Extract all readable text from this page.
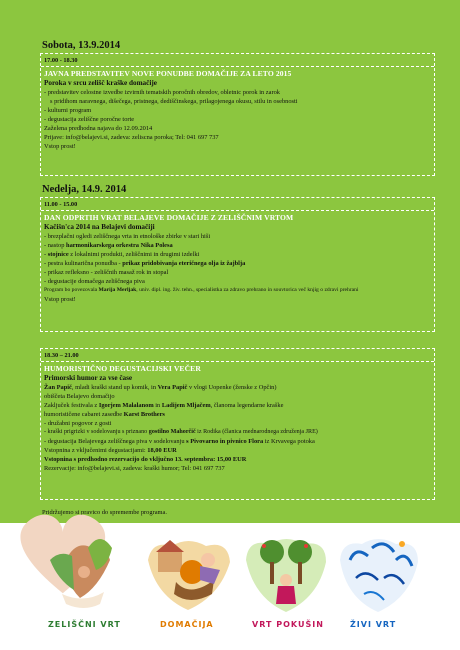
Sobota, 13.9.2014
17.00 - 18.30
JAVNA PREDSTAVITEV NOVE PONUDBE DOMAČIJE ZA LETO 2015
Poroka v srcu zelišč kraške domačije
- predstavitev celostne izvedbe izvirnih tematskih poročnih obredov, obletnic porok in zarok
s pridihom naravnega, dišečega, pristnega, dediščinskega, prilagojenega okusu, stilu in osebnosti
- kulturni program
- degustacija zeliščne poročne torte
Zaželena predhodna najava do 12.09.2014
Prijave: info@belajevi.si, zadeva: zeliscna poroka; Tel: 041 697 737
Vstop prost!
Nedelja, 14.9. 2014
11.00 - 15.00
DAN ODPRTIH VRAT BELAJEVE DOMAČIJE Z ZELIŠČNIM VRTOM
Kačišn'ca 2014 na Belajevi domačiji
- brezplačni ogledi zeliščnega vrta in etnološke zbirke v stari hiši
- nastop harmonikarskega orkestra Nika Polesa
- stojnice z lokalnimi produkti, zeliščnimi in drugimi izdelki
- pestra kulinarična ponudba - prikaz pridobivanja eteričnega olja iz žajblja
- prikaz refleksno - zeliščnih masaž rok in stopal
- degustacije domačega zeliščnega piva
Program bo povezovala Marija Merljak, univ. dipl. ing. živ. tehn., specialistka za zdravo prehrano in souvtorica več knjig o zdravi prehrani
Vstop prost!
18.30 – 21.00
HUMORISTIČNO DEGUSTACIJSKI VEČER
Primorski humor za vse čase
Žan Papič, mladi kraški stand up komik, in Vera Papič v vlogi Uopenke (ženske z Opčin)
obiščeta Belajevo domačijo
Zaključek festivala z Igorjem Malalanom in Ladijem Mljačem, članoma legendarne kraške
humorističene cabaret zasedbe Karst Brothers
- družabni pogovor z gosti
- kraški prigrizki v sodelovanju s priznano gostilno Mahorčič iz Rodika (članica mednarodnega združenja JRE)
- degustacija Belajevega zeliščnega piva v sodelovanju s Pivovarno in pivnico Flora iz Krvavega potoka
Vstopnina z vključenimi degustacijami: 18,00 EUR
Vstopnina s predhodno rezervacijo do vključno 13. septembra: 15,00 EUR
Rezervacije: info@belajevi.si, zadeva: kraški humor; Tel: 041 697 737
Pridržujemo si pravico do spremembe programa.
ZELIŠČNI VRT	DOMAČIJA	VRT POKUŠIN	ŽIVI VRT
